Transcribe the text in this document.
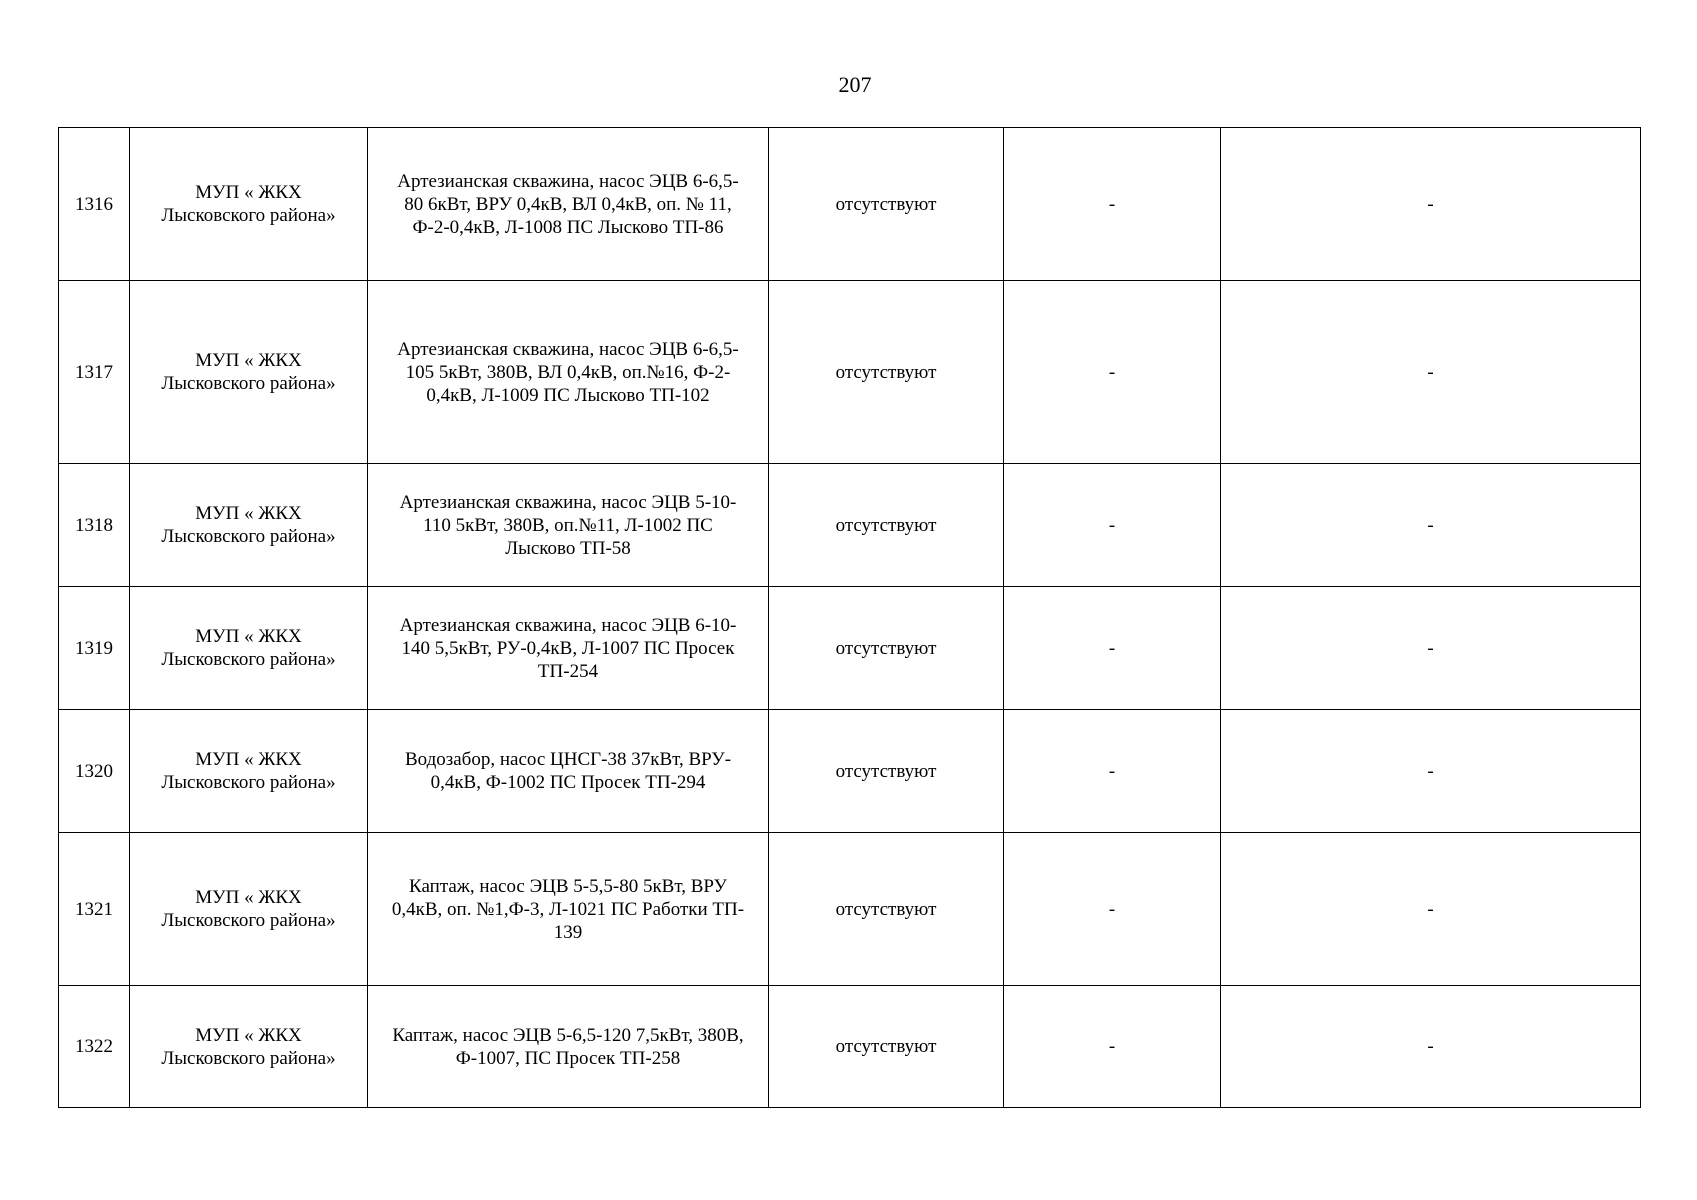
207
1316	МУП « ЖКХ
Лысковского района»	Артезианская скважина, насос ЭЦВ 6-6,5-
80 6кВт, ВРУ 0,4кВ, ВЛ 0,4кВ, оп. № 11,
Ф-2-0,4кВ, Л-1008 ПС Лысково ТП-86	отсутствуют	-	-
1317	МУП « ЖКХ
Лысковского района»	Артезианская скважина, насос ЭЦВ 6-6,5-
105 5кВт, 380В, ВЛ 0,4кВ, оп.№16, Ф-2-
0,4кВ, Л-1009 ПС Лысково ТП-102	отсутствуют	-	-
1318	МУП « ЖКХ
Лысковского района»	Артезианская скважина, насос ЭЦВ 5-10-
110 5кВт, 380В, оп.№11, Л-1002 ПС
Лысково ТП-58	отсутствуют	-	-
1319	МУП « ЖКХ
Лысковского района»	Артезианская скважина, насос ЭЦВ 6-10-
140 5,5кВт, РУ-0,4кВ, Л-1007 ПС Просек
ТП-254	отсутствуют	-	-
1320	МУП « ЖКХ
Лысковского района»	Водозабор, насос ЦНСГ-38 37кВт, ВРУ-
0,4кВ, Ф-1002 ПС Просек ТП-294	отсутствуют	-	-
1321	МУП « ЖКХ
Лысковского района»	Каптаж, насос ЭЦВ 5-5,5-80 5кВт, ВРУ
0,4кВ, оп. №1,Ф-3, Л-1021 ПС Работки ТП-
139	отсутствуют	-	-
1322	МУП « ЖКХ
Лысковского района»	Каптаж, насос ЭЦВ 5-6,5-120 7,5кВт, 380В,
Ф-1007, ПС Просек ТП-258	отсутствуют	-	-
